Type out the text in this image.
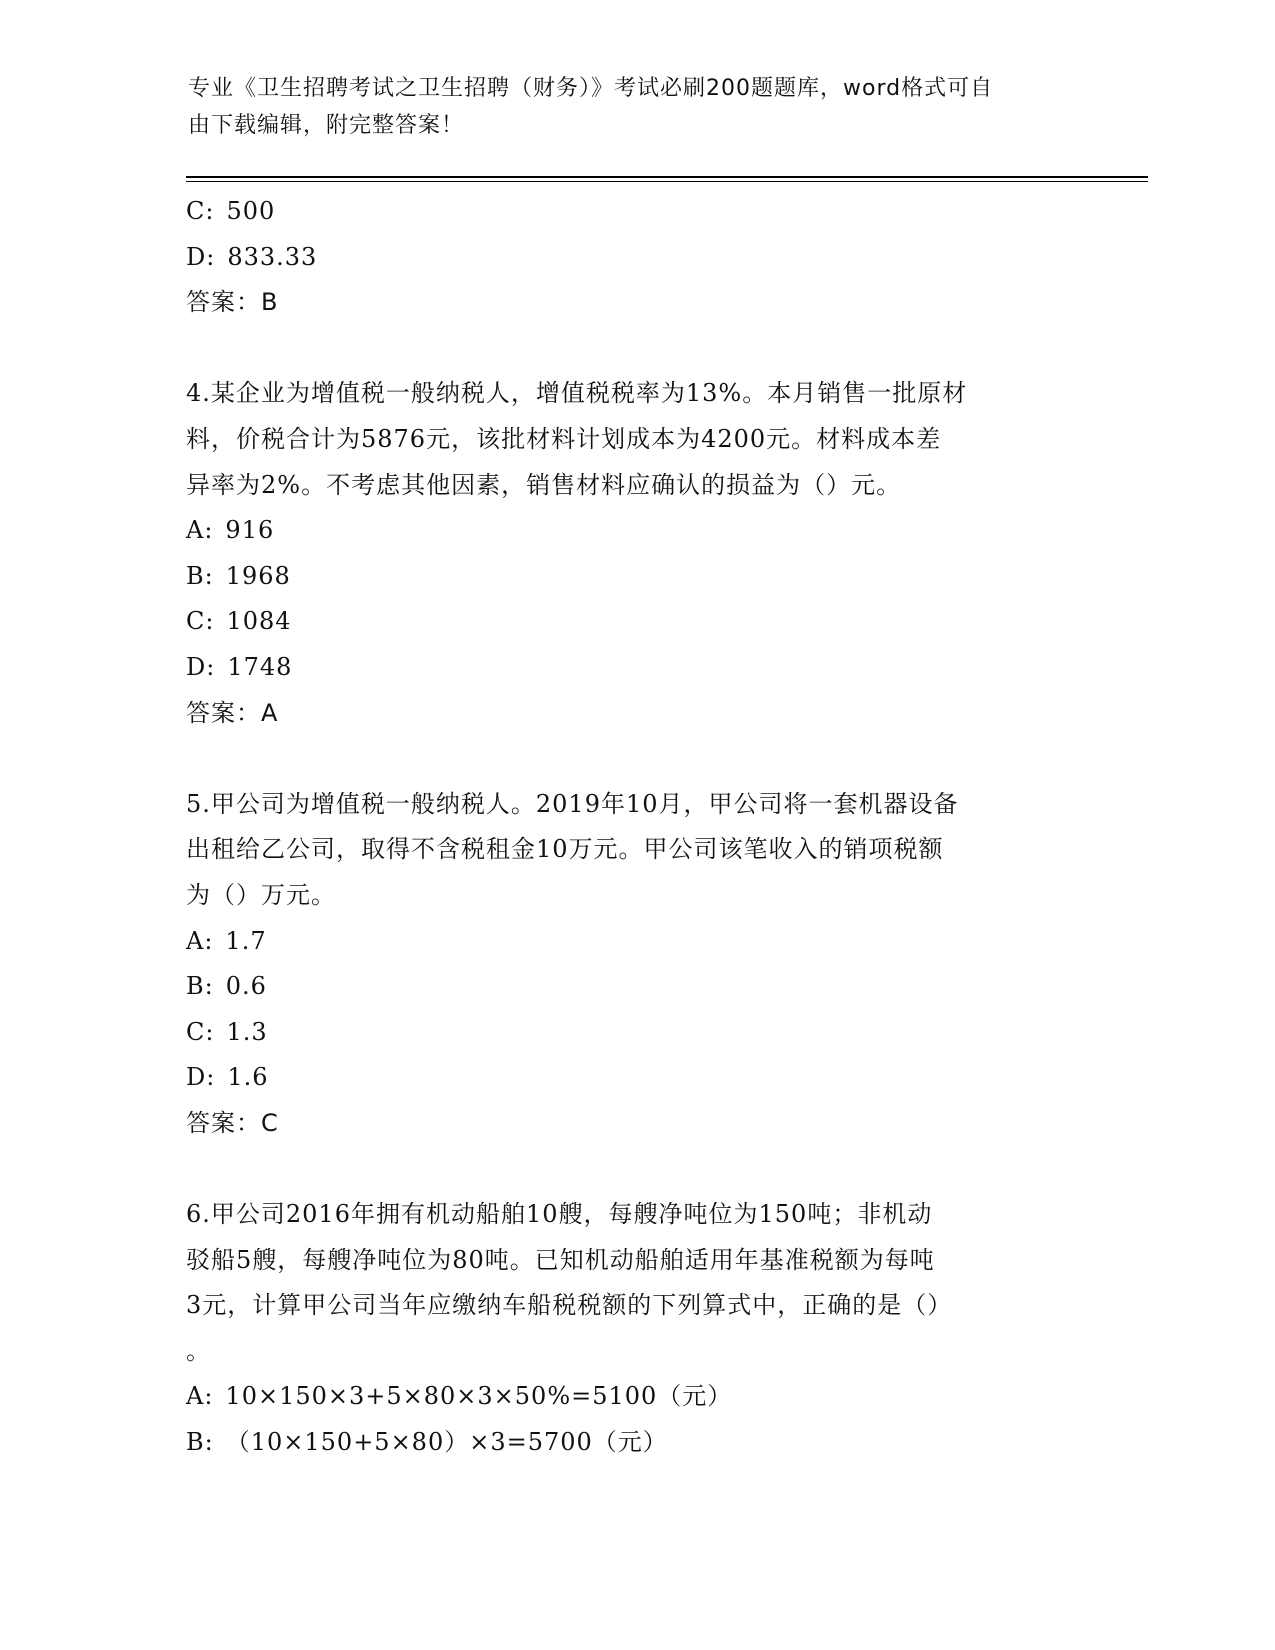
专业《卫生招聘考试之卫生招聘（财务）》考试必刷200题题库，word格式可自
由下载编辑，附完整答案！
C: 500
D: 833.33
答案：B
4.某企业为增值税一般纳税人，增值税税率为13%。本月销售一批原材
料，价税合计为5876元，该批材料计划成本为4200元。材料成本差
异率为2%。不考虑其他因素，销售材料应确认的损益为（）元。
A: 916
B: 1968
C: 1084
D: 1748
答案：A
5.甲公司为增值税一般纳税人。2019年10月，甲公司将一套机器设备
出租给乙公司，取得不含税租金10万元。甲公司该笔收入的销项税额
为（）万元。
A: 1.7
B: 0.6
C: 1.3
D: 1.6
答案：C
6.甲公司2016年拥有机动船舶10艘，每艘净吨位为150吨；非机动
驳船5艘，每艘净吨位为80吨。已知机动船舶适用年基准税额为每吨
3元，计算甲公司当年应缴纳车船税税额的下列算式中，正确的是（）
。
A: 10×150×3+5×80×3×50%=5100（元）
B: （10×150+5×80）×3=5700（元）
